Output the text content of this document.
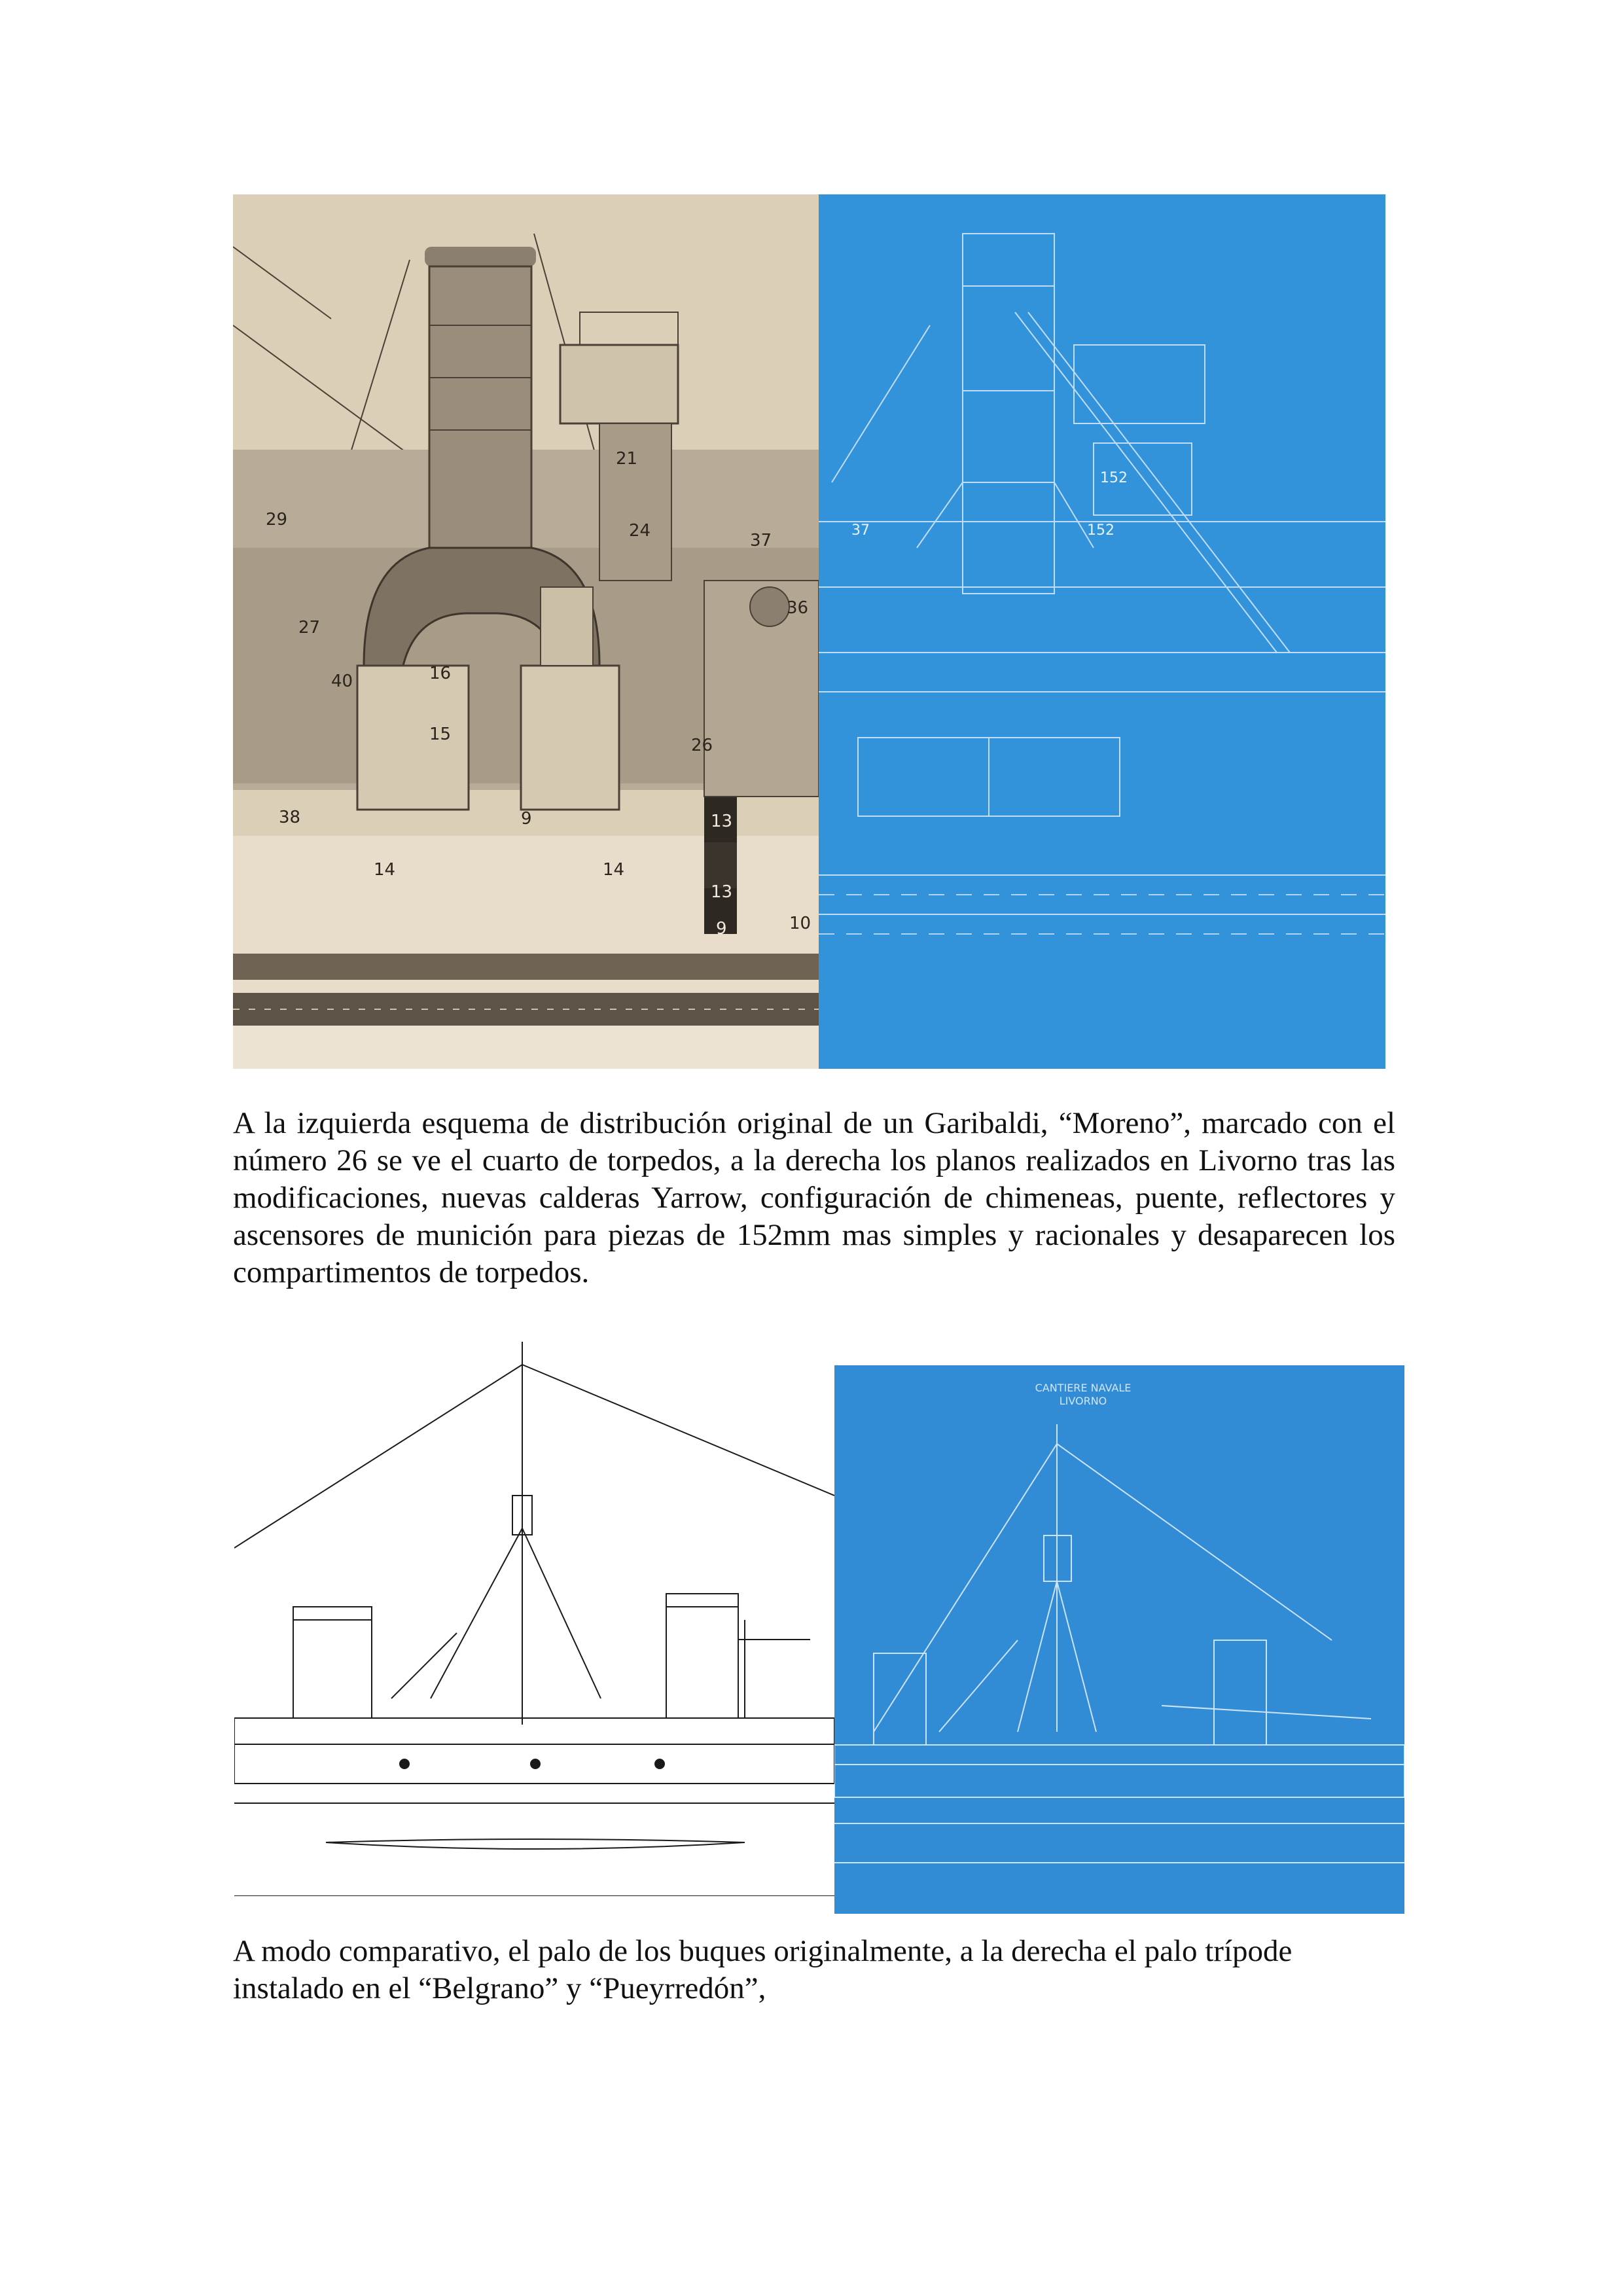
29
27
40	16
15
14
9
14
21
24	37
36
26
38	13
13
9	10
152
152
37

A la izquierda esquema de distribución original de un Garibaldi, “Moreno”, marcado con el número 26 se ve el cuarto de torpedos, a la derecha los planos realizados en Livorno tras las modificaciones, nuevas calderas Yarrow, configuración de chimeneas, puente, reflectores y ascensores de munición para piezas de 152mm mas simples y racionales y desaparecen los compartimentos de torpedos.

CANTIERE NAVALE
LIVORNO

A modo comparativo, el palo de los buques originalmente, a la derecha el palo trípode instalado en el “Belgrano” y “Pueyrredón”,
